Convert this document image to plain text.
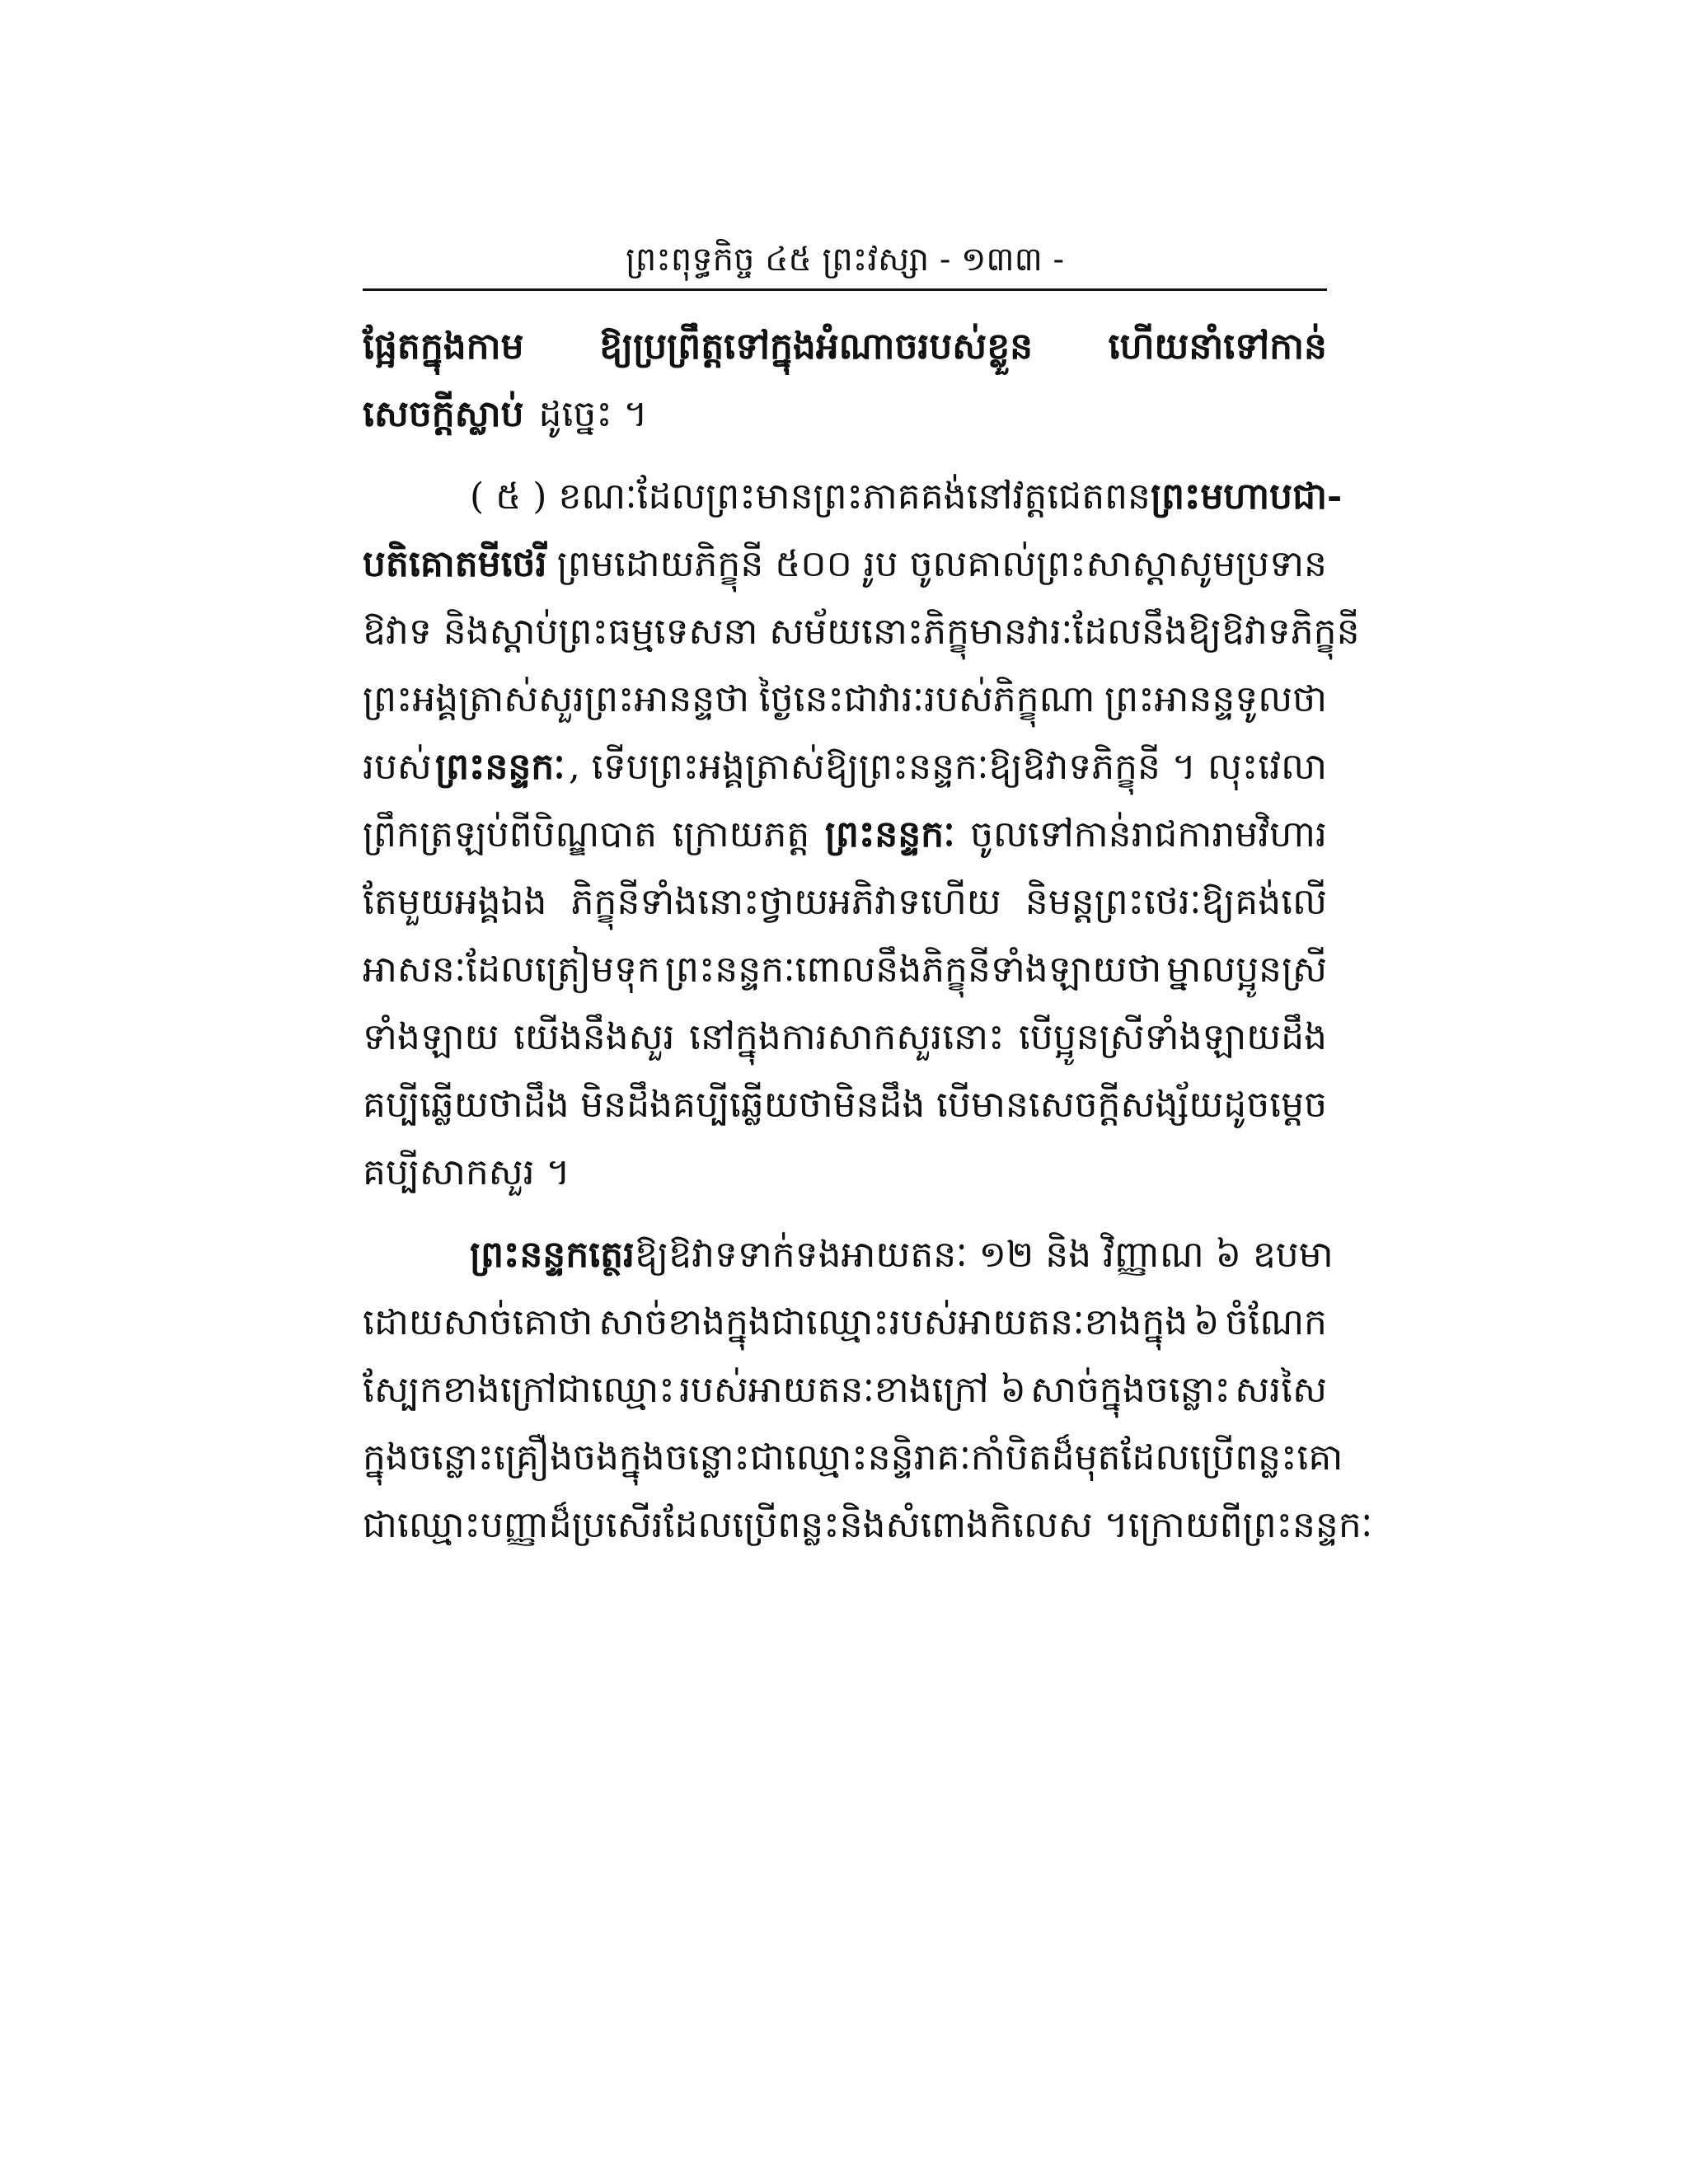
ព្រះពុទ្ធកិច្ច ៤៥ ព្រះវស្សា - ១៣៣ -
ផ្អែតក្នុងកាម ឱ្យប្រព្រឹត្តទៅក្នុងអំណាចរបស់ខ្លួន ហើយនាំទៅកាន់
សេចក្តីស្លាប់ ដូច្នេះ ។
( ៥ ) ខណៈដែលព្រះមានព្រះភាគគង់នៅវត្តជេតពន ព្រះមហាបជា-
បតិគោតមីថេរី ព្រមដោយភិក្ខុនី ៥០០ រូប ចូលគាល់ព្រះសាស្តាសូមប្រទាន
ឱវាទ និងស្តាប់ព្រះធម្មទេសនា សម័យនោះភិក្ខុមានវារៈដែលនឹងឱ្យឱវាទភិក្ខុនី
ព្រះអង្គត្រាស់សួរព្រះអានន្ទថា ថ្ងៃនេះជាវារៈរបស់ភិក្ខុណា ព្រះអានន្ទទូលថា
របស់ ព្រះនន្ទកៈ , ទើបព្រះអង្គត្រាស់ឱ្យព្រះនន្ទកៈឱ្យឱវាទភិក្ខុនី ។ លុះវេលា
ព្រឹកត្រឡប់ពីបិណ្ឌបាត ក្រោយភត្ត ព្រះនន្ទកៈ ចូលទៅកាន់រាជការាមវិហារ
តែមួយអង្គឯង ភិក្ខុនីទាំងនោះថ្វាយអភិវាទហើយ និមន្តព្រះថេរៈឱ្យគង់លើ
អាសនៈដែលត្រៀមទុក ព្រះនន្ទកៈពោលនឹងភិក្ខុនីទាំងឡាយថា ម្នាលប្អូនស្រី
ទាំងឡាយ យើងនឹងសួរ នៅក្នុងការសាកសួរនោះ បើប្អូនស្រីទាំងឡាយដឹង
គប្បីឆ្លើយថាដឹង មិនដឹងគប្បីឆ្លើយថាមិនដឹង បើមានសេចក្តីសង្ស័យដូចម្តេច
គប្បីសាកសួរ ។
ព្រះនន្ទកត្ថេរ ឱ្យឱវាទទាក់ទងអាយតនៈ ១២ និង វិញ្ញាណ ៦ ឧបមា
ដោយសាច់គោថា សាច់ខាងក្នុងជាឈ្មោះរបស់អាយតនៈខាងក្នុង ៦ ចំណែក
ស្បែកខាងក្រៅជាឈ្មោះ របស់អាយតនៈខាងក្រៅ ៦ សាច់ក្នុងចន្លោះ សរសៃ
ក្នុងចន្លោះ គ្រឿងចងក្នុងចន្លោះ ជាឈ្មោះនន្ទិរាគៈ កាំបិតដ៏មុតដែលប្រើពន្លះគោ
ជាឈ្មោះបញ្ញាដ៏ប្រសើរដែលប្រើពន្លះ និងសំពោងកិលេស ។ ក្រោយពីព្រះនន្ទកៈ
